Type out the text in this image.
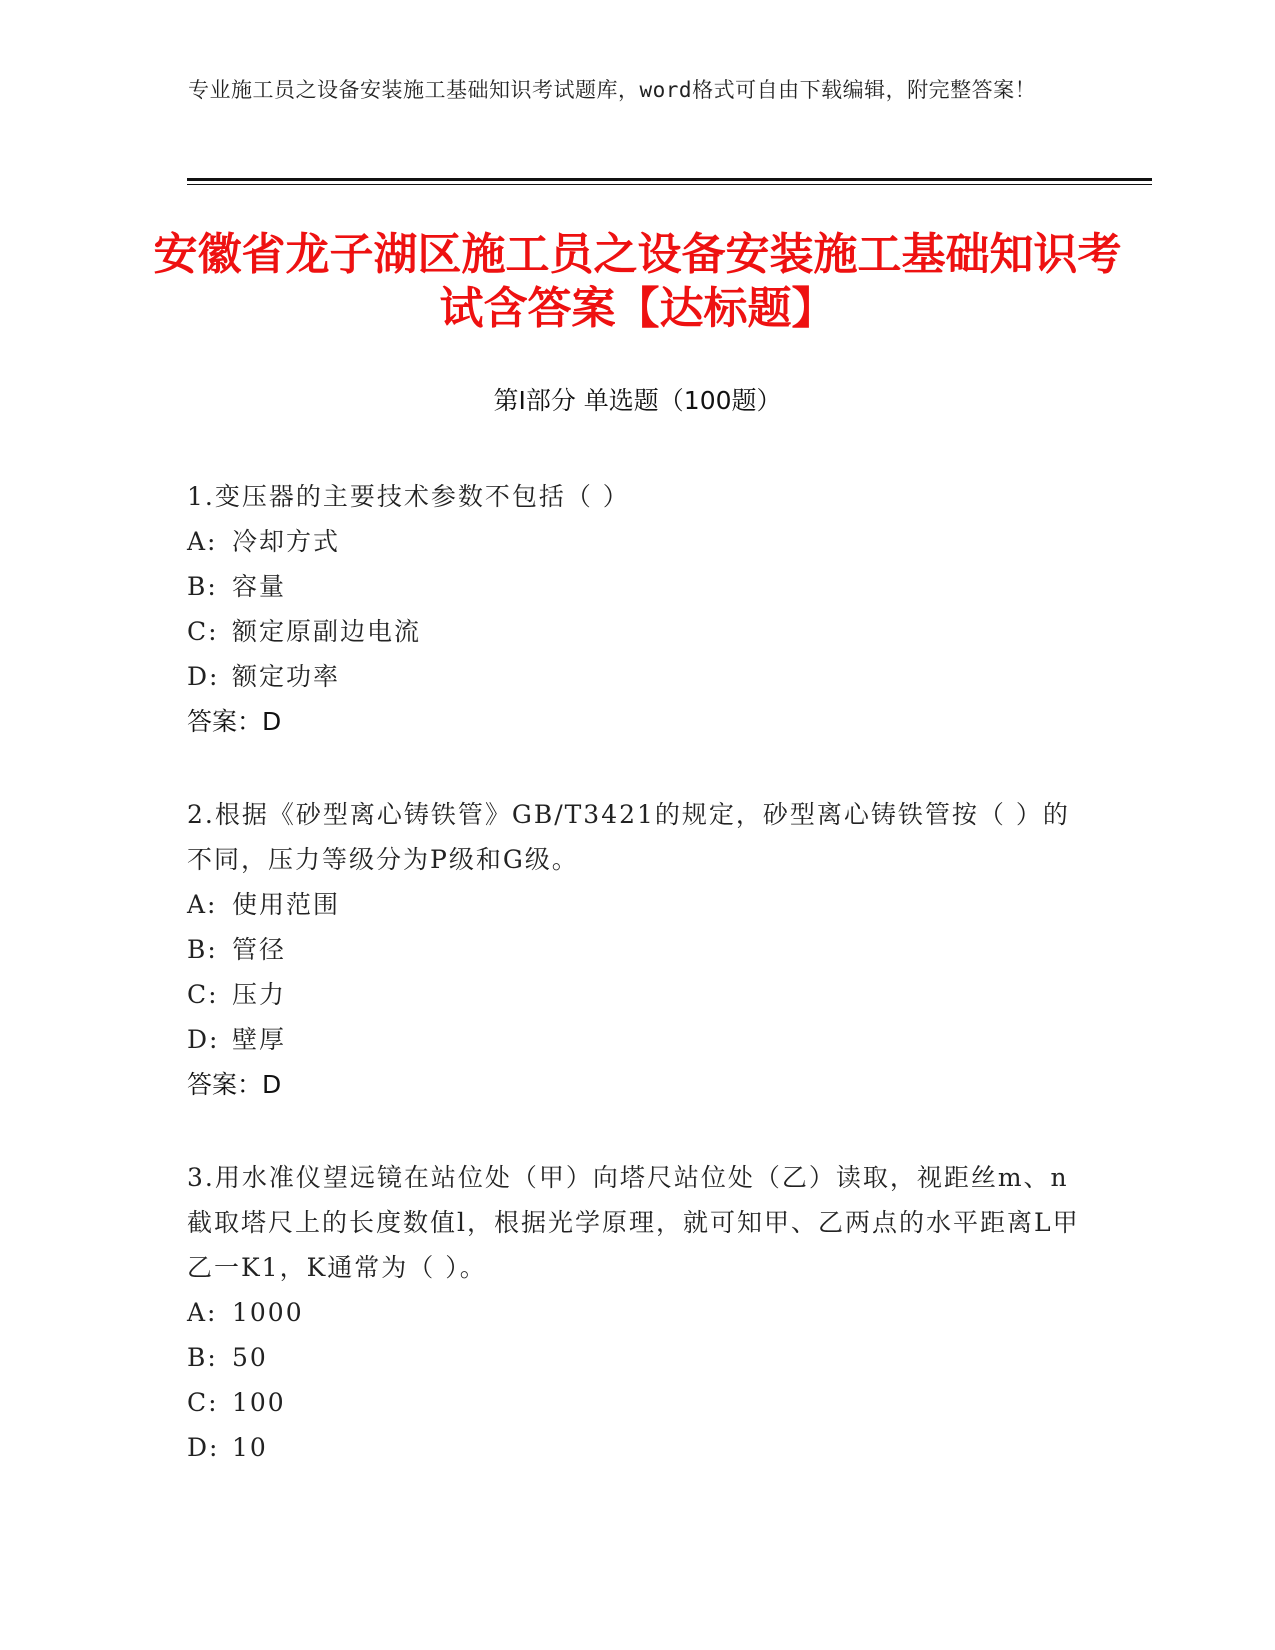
专业施工员之设备安装施工基础知识考试题库，word格式可自由下载编辑，附完整答案！
安徽省龙子湖区施工员之设备安装施工基础知识考试含答案【达标题】
第Ⅰ部分 单选题（100题）
1.变压器的主要技术参数不包括（ ）
A: 冷却方式
B: 容量
C: 额定原副边电流
D: 额定功率
答案：D
2.根据《砂型离心铸铁管》GB/T3421的规定，砂型离心铸铁管按（ ）的不同，压力等级分为P级和G级。
A: 使用范围
B: 管径
C: 压力
D: 壁厚
答案：D
3.用水准仪望远镜在站位处（甲）向塔尺站位处（乙）读取，视距丝m、n截取塔尺上的长度数值l，根据光学原理，就可知甲、乙两点的水平距离L甲乙一K1，K通常为（ ）。
A: 1000
B: 50
C: 100
D: 10
